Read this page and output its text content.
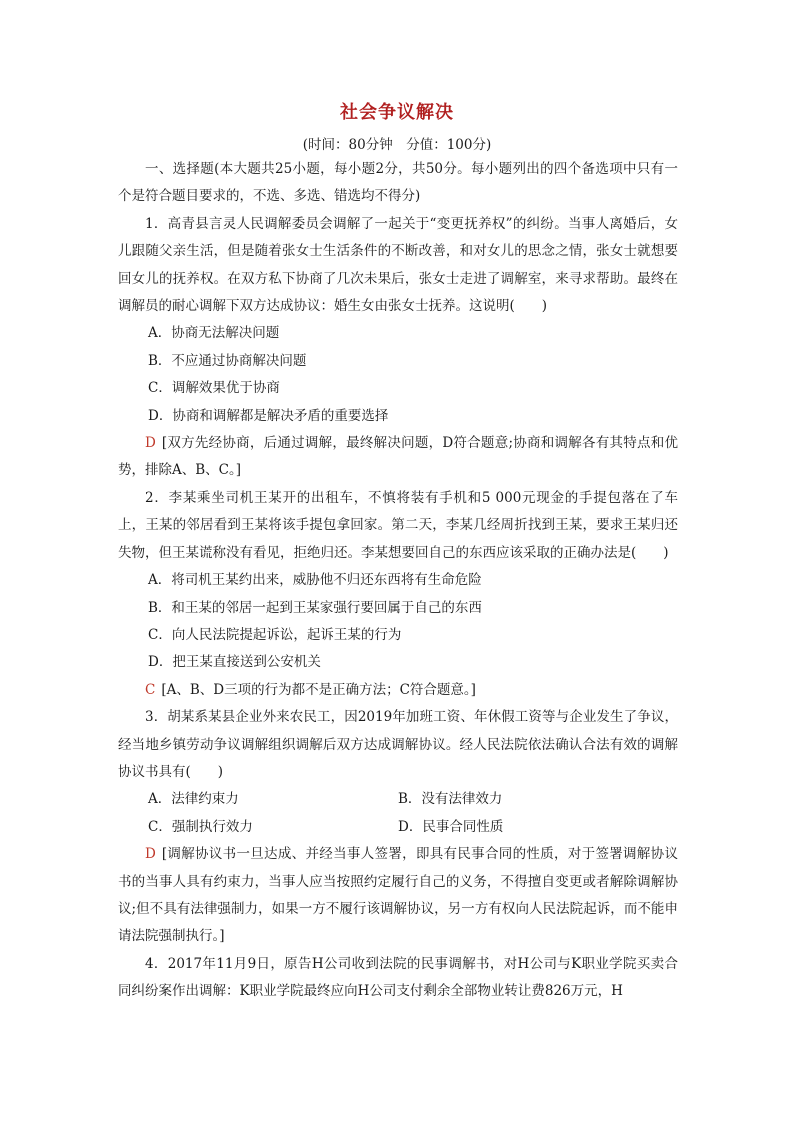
社会争议解决
(时间：80分钟　分值：100分)

一、选择题(本大题共25小题，每小题2分，共50分。每小题列出的四个备选项中只有一个是符合题目要求的，不选、多选、错选均不得分)

1．高青县言灵人民调解委员会调解了一起关于“变更抚养权”的纠纷。当事人离婚后，女儿跟随父亲生活，但是随着张女士生活条件的不断改善，和对女儿的思念之情，张女士就想要回女儿的抚养权。在双方私下协商了几次未果后，张女士走进了调解室，来寻求帮助。最终在调解员的耐心调解下双方达成协议：婚生女由张女士抚养。这说明(　　)

A．协商无法解决问题

B．不应通过协商解决问题

C．调解效果优于协商

D．协商和调解都是解决矛盾的重要选择

D [双方先经协商，后通过调解，最终解决问题，D符合题意;协商和调解各有其特点和优势，排除A、B、C。]

2．李某乘坐司机王某开的出租车，不慎将装有手机和5 000元现金的手提包落在了车上，王某的邻居看到王某将该手提包拿回家。第二天，李某几经周折找到王某，要求王某归还失物，但王某谎称没有看见，拒绝归还。李某想要回自己的东西应该采取的正确办法是(　　)

A．将司机王某约出来，威胁他不归还东西将有生命危险

B．和王某的邻居一起到王某家强行要回属于自己的东西

C．向人民法院提起诉讼，起诉王某的行为

D．把王某直接送到公安机关

C [A、B、D三项的行为都不是正确方法；C符合题意。]

3．胡某系某县企业外来农民工，因2019年加班工资、年休假工资等与企业发生了争议，经当地乡镇劳动争议调解组织调解后双方达成调解协议。经人民法院依法确认合法有效的调解协议书具有(　　)

A．法律约束力	B．没有法律效力
C．强制执行效力	D．民事合同性质

D [调解协议书一旦达成、并经当事人签署，即具有民事合同的性质，对于签署调解协议书的当事人具有约束力，当事人应当按照约定履行自己的义务，不得擅自变更或者解除调解协议;但不具有法律强制力，如果一方不履行该调解协议，另一方有权向人民法院起诉，而不能申请法院强制执行。]

4．2017年11月9日，原告H公司收到法院的民事调解书，对H公司与K职业学院买卖合同纠纷案作出调解：K职业学院最终应向H公司支付剩余全部物业转让费826万元，H
